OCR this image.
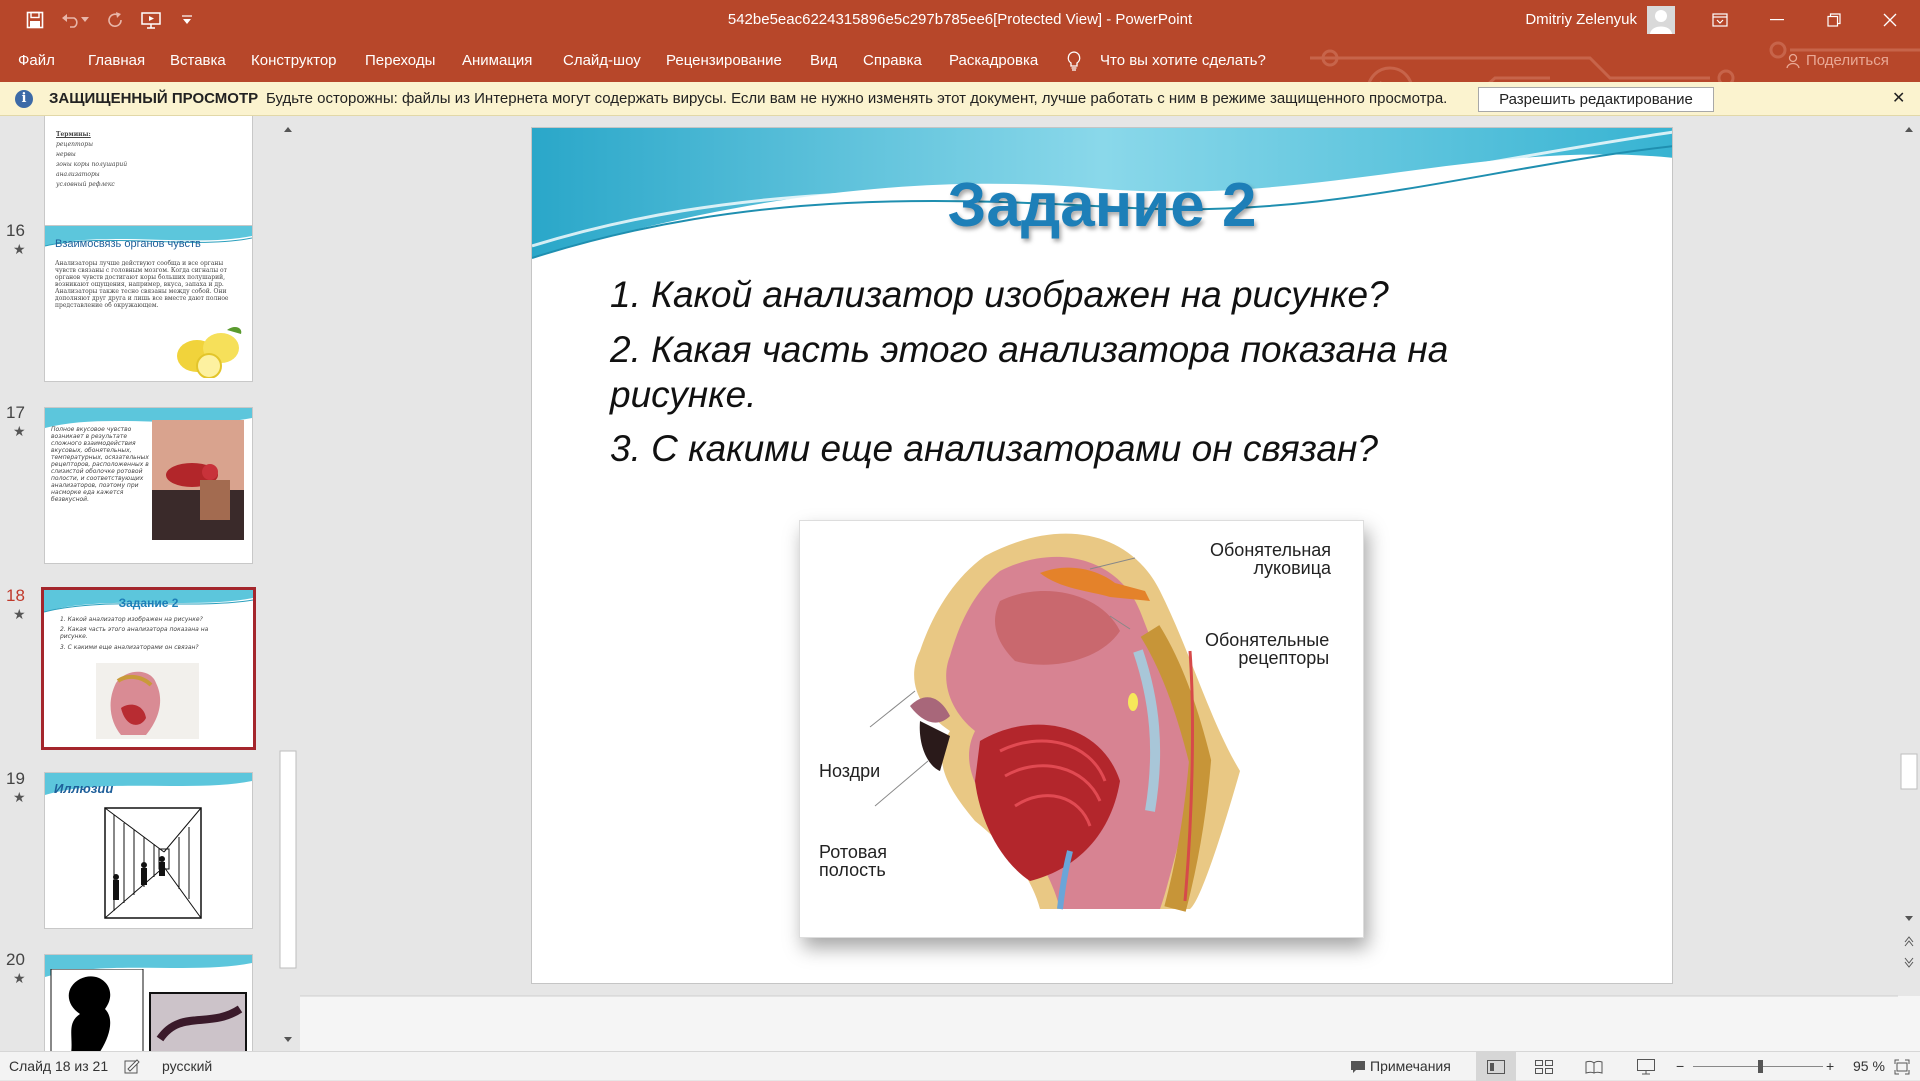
542be5eac6224315896e5c297b785ee6[Protected View] - PowerPoint	Dmitriy Zelenyuk
Файл Главная Вставка Конструктор Переходы Анимация Слайд-шоу Рецензирование Вид Справка Раскадровка	Что вы хотите сделать?	Поделиться
i	ЗАЩИЩЕННЫЙ ПРОСМОТР Будьте осторожны: файлы из Интернета могут содержать вирусы. Если вам не нужно изменять этот документ, лучше работать с ним в режиме защищенного просмотра.	Разрешить редактирование	✕
Термины:
рецепторы
нервы
зоны коры полушарий
анализаторы
условный рефлекс
16
★	Взаимосвязь органов чувств
Анализаторы лучше действуют сообща и все органы чувств связаны с головным мозгом. Когда сигналы от органов чувств достигают коры больших полушарий, возникают ощущения, например, вкуса, запаха и др. Анализаторы также тесно связаны между собой. Они дополняют друг друга и лишь все вместе дают полное представление об окружающем.
17
★	Полное вкусовое чувство возникает в результате сложного взаимодействия вкусовых, обонятельных, температурных, осязательных рецепторов, расположенных в слизистой оболочке ротовой полости, и соответствующих анализаторов, поэтому при насморке еда кажется безвкусной.
18
★
Задание 2
1. Какой анализатор изображен на рисунке?
2. Какая часть этого анализатора показана на рисунке.
3. С какими еще анализаторами он связан?
19
★
Иллюзии
20
★
Задание 2
1. Какой анализатор изображен на рисунке?
2. Какая часть этого анализатора показана на
рисунке.
3. С какими еще анализаторами он связан?
Обонятельная
луковица
Обонятельные
рецепторы
Ноздри
Ротовая
полость
Слайд 18 из 21	русский	Примечания	−	+ 95 %
